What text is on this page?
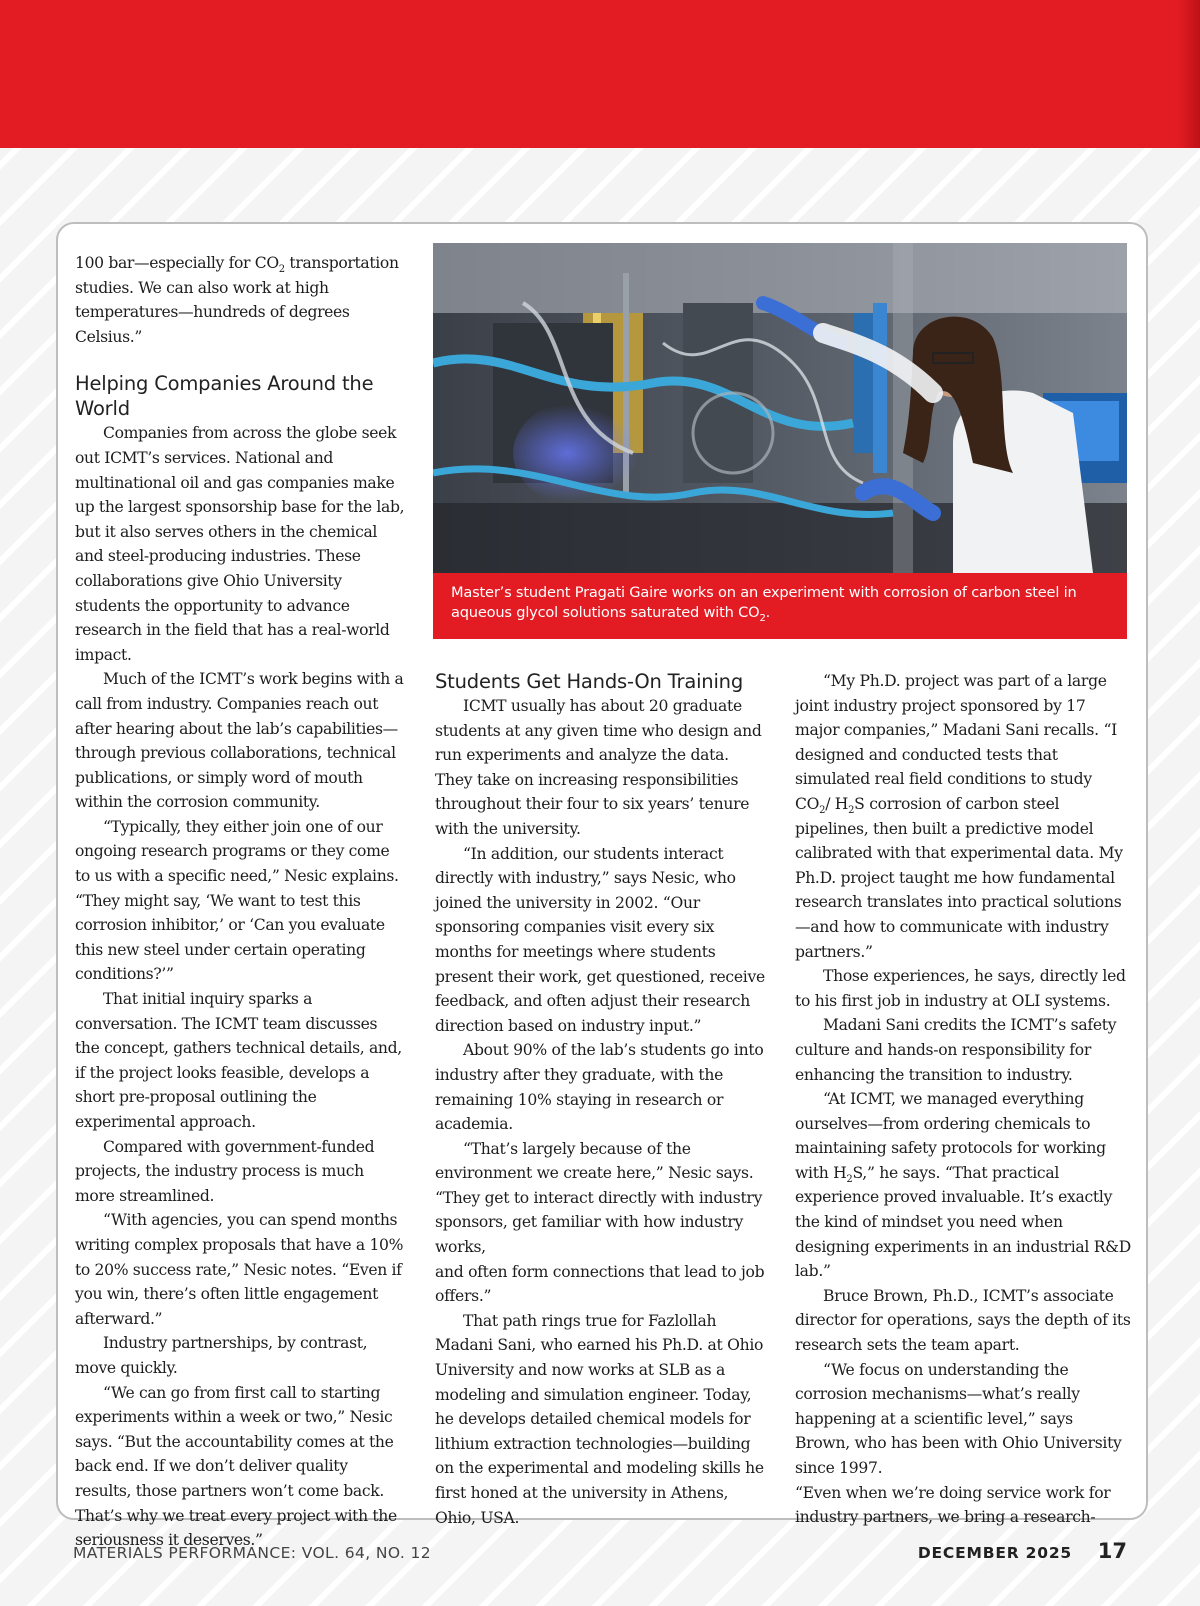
100 bar—especially for $CO_2$ transportation studies. We can also work at high temperatures—hundreds of degrees Celsius.”

Helping Companies Around the World

Companies from across the globe seek out ICMT’s services. National and multinational oil and gas companies make up the largest sponsorship base for the lab, but it also serves others in the chemical and steel-producing industries. These collaborations give Ohio University students the opportunity to advance research in the field that has a real-world impact.

Much of the ICMT’s work begins with a call from industry. Companies reach out after hearing about the lab’s capabilities—through previous collaborations, technical publications, or simply word of mouth within the corrosion community.

“Typically, they either join one of our ongoing research programs or they come to us with a specific need,” Nesic explains.

“They might say, ‘We want to test this corrosion inhibitor,’ or ‘Can you evaluate this new steel under certain operating conditions?’”

That initial inquiry sparks a conversation. The ICMT team discusses the concept, gathers technical details, and, if the project looks feasible, develops a short pre-proposal outlining the experimental approach.

Compared with government-funded projects, the industry process is much more streamlined.

“With agencies, you can spend months writing complex proposals that have a 10% to 20% success rate,” Nesic notes. “Even if you win, there’s often little engagement afterward.”

Industry partnerships, by contrast, move quickly.

“We can go from first call to starting experiments within a week or two,” Nesic says. “But the accountability comes at the back end. If we don’t deliver quality results, those partners won’t come back. That’s why we treat every project with the seriousness it deserves.”

Master’s student Pragati Gaire works on an experiment with corrosion of carbon steel in aqueous glycol solutions saturated with $CO_2$.
Students Get Hands-On Training

ICMT usually has about 20 graduate students at any given time who design and run experiments and analyze the data. They take on increasing responsibilities throughout their four to six years’ tenure with the university.

“In addition, our students interact directly with industry,” says Nesic, who joined the university in 2002. “Our sponsoring companies visit every six months for meetings where students present their work, get questioned, receive feedback, and often adjust their research direction based on industry input.”

About 90% of the lab’s students go into industry after they graduate, with the remaining 10% staying in research or academia.

“That’s largely because of the environment we create here,” Nesic says. “They get to interact directly with industry sponsors, get familiar with how industry works,

and often form connections that lead to job offers.”

That path rings true for Fazlollah Madani Sani, who earned his Ph.D. at Ohio University and now works at SLB as a modeling and simulation engineer. Today, he develops detailed chemical models for lithium extraction technologies—building on the experimental and modeling skills he first honed at the university in Athens, Ohio, USA.

“My Ph.D. project was part of a large joint industry project sponsored by 17 major companies,” Madani Sani recalls. “I designed and conducted tests that simulated real field conditions to study $CO_2/$ $H_2S$ corrosion of carbon steel pipelines, then built a predictive model calibrated with that experimental data. My Ph.D. project taught me how fundamental research translates into practical solutions—and how to communicate with industry partners.”

Those experiences, he says, directly led to his first job in industry at OLI systems.

Madani Sani credits the ICMT’s safety culture and hands-on responsibility for enhancing the transition to industry.

“At ICMT, we managed everything ourselves—from ordering chemicals to maintaining safety protocols for working with $H_2S$,” he says. “That practical experience proved invaluable. It’s exactly the kind of mindset you need when designing experiments in an industrial R&D lab.”

Bruce Brown, Ph.D., ICMT’s associate director for operations, says the depth of its research sets the team apart.

“We focus on understanding the corrosion mechanisms—what’s really happening at a scientific level,” says Brown, who has been with Ohio University since 1997.

“Even when we’re doing service work for industry partners, we bring a research-

MATERIALS PERFORMANCE: VOL. 64, NO. 12	DECEMBER 2025 17
